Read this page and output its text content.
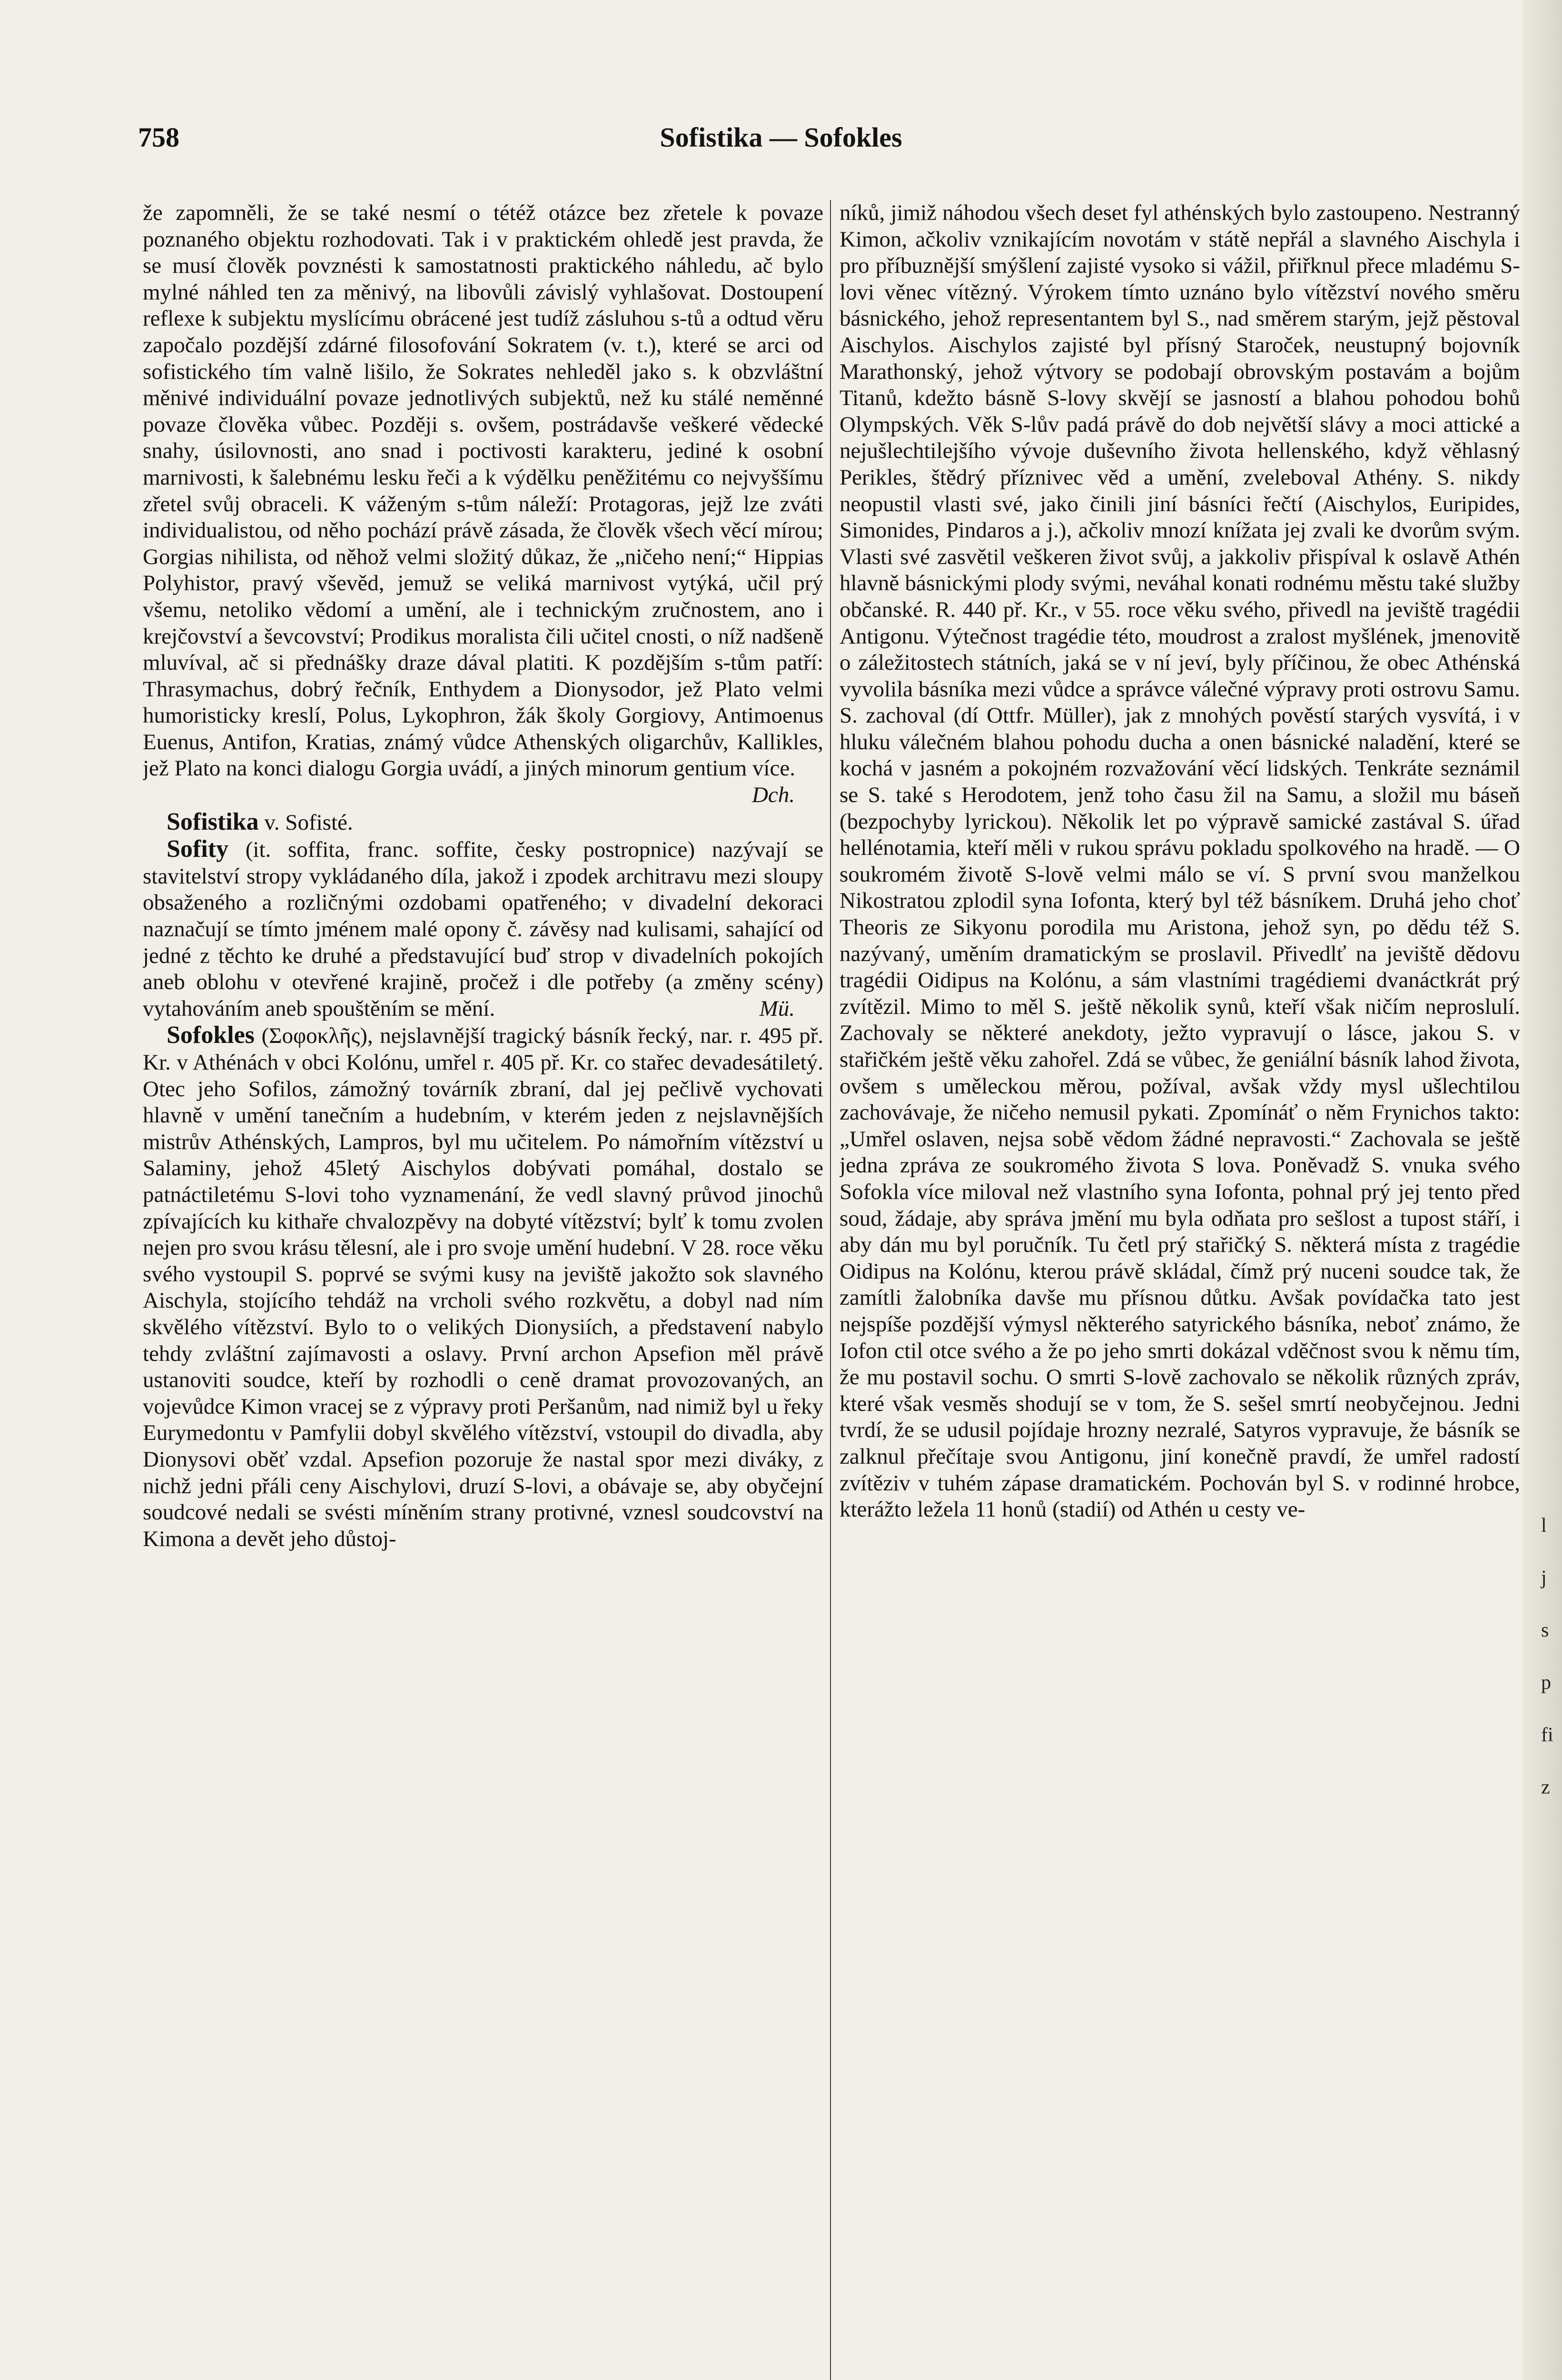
758	Sofistika — Sofokles

že zapomněli, že se také nesmí o tétéž otázce bez zřetele k povaze poznaného objektu rozhodovati. Tak i v praktickém ohledě jest pravda, že se musí člověk povznésti k samostatnosti praktického náhledu, ač bylo mylné náhled ten za měnivý, na libovůli závislý vyhlašovat. Dostoupení reflexe k subjektu myslícímu obrácené jest tudíž zásluhou s-tů a odtud věru započalo pozdější zdárné filosofování Sokratem (v. t.), které se arci od sofistického tím valně lišilo, že Sokrates nehleděl jako s. k obzvláštní měnivé individuální povaze jednotlivých subjektů, než ku stálé neměnné povaze člověka vůbec. Později s. ovšem, postrádavše veškeré vědecké snahy, úsilovnosti, ano snad i poctivosti karakteru, jediné k osobní marnivosti, k šalebnému lesku řeči a k výdělku peněžitému co nejvyššímu zřetel svůj obraceli. K váženým s-tům náleží: Protagoras, jejž lze zváti individualistou, od něho pochází právě zásada, že člověk všech věcí mírou; Gorgias nihilista, od něhož velmi složitý důkaz, že „ničeho není;“ Hippias Polyhistor, pravý vševěd, jemuž se veliká marnivost vytýká, učil prý všemu, netoliko vědomí a umění, ale i technickým zručnostem, ano i krejčovství a ševcovství; Prodikus moralista čili učitel cnosti, o níž nadšeně mluvíval, ač si přednášky draze dával platiti. K pozdějším s-tům patří: Thrasymachus, dobrý řečník, Enthydem a Dionysodor, jež Plato velmi humoristicky kreslí, Polus, Lykophron, žák školy Gorgiovy, Antimoenus Euenus, Antifon, Kratias, známý vůdce Athenských oligarchův, Kallikles, jež Plato na konci dialogu Gorgia uvádí, a jiných minorum gentium více.
Dch.

Sofistika v. Sofisté.

Sofity (it. soffita, franc. soffite, česky postropnice) nazývají se stavitelství stropy vykládaného díla, jakož i zpodek architravu mezi sloupy obsaženého a rozličnými ozdobami opatřeného; v divadelní dekoraci naznačují se tímto jménem malé opony č. závěsy nad kulisami, sahající od jedné z těchto ke druhé a představující buď strop v divadelních pokojích aneb oblohu v otevřené krajině, pročež i dle potřeby (a změny scény) vytahováním aneb spouštěním se mění.	Mü.

Sofokles (Σοφοκλῆς), nejslavnější tragický básník řecký, nar. r. 495 př. Kr. v Athénách v obci Kolónu, umřel r. 405 př. Kr. co stařec devadesátiletý. Otec jeho Sofilos, zámožný továrník zbraní, dal jej pečlivě vychovati hlavně v umění tanečním a hudebním, v kterém jeden z nejslavnějších mistrův Athénských, Lampros, byl mu učitelem. Po námořním vítězství u Salaminy, jehož 45letý Aischylos dobývati pomáhal, dostalo se patnáctiletému S-lovi toho vyznamenání, že vedl slavný průvod jinochů zpívajících ku kithaře chvalozpěvy na dobyté vítězství; bylť k tomu zvolen nejen pro svou krásu tělesní, ale i pro svoje umění hudební. V 28. roce věku svého vystoupil S. poprvé se svými kusy na jevištĕ jakožto sok slavného Aischyla, stojícího tehdáž na vrcholi svého rozkvětu, a dobyl nad ním skvělého vítězství. Bylo to o velikých Dionysiích, a představení nabylo tehdy zvláštní zajímavosti a oslavy. První archon Apsefion měl právě ustanoviti soudce, kteří by rozhodli o ceně dramat provozovaných, an vojevůdce Kimon vracej se z výpravy proti Peršanům, nad nimiž byl u řeky Eurymedontu v Pamfylii dobyl skvělého vítězství, vstoupil do divadla, aby Dionysovi oběť vzdal. Apsefion pozoruje že nastal spor mezi diváky, z nichž jedni přáli ceny Aischylovi, druzí S-lovi, a obávaje se, aby obyčejní soudcové nedali se svésti míněním strany protivné, vznesl soudcovství na Kimona a devět jeho důstoj-

níků, jimiž náhodou všech deset fyl athénských bylo zastoupeno. Nestranný Kimon, ačkoliv vznikajícím novotám v státě nepřál a slavného Aischyla i pro příbuznější smýšlení zajisté vysoko si vážil, přiřknul přece mladému S-lovi věnec vítězný. Výrokem tímto uznáno bylo vítězství nového směru básnického, jehož representantem byl S., nad směrem starým, jejž pěstoval Aischylos. Aischylos zajisté byl přísný Staroček, neustupný bojovník Marathonský, jehož výtvory se podobají obrovským postavám a bojům Titanů, kdežto básně S-lovy skvějí se jasností a blahou pohodou bohů Olympských. Věk S-lův padá právě do dob největší slávy a moci attické a nejušlechtilejšího vývoje duševního života hellenského, když věhlasný Perikles, štědrý příznivec věd a umění, zveleboval Athény. S. nikdy neopustil vlasti své, jako činili jiní básníci řečtí (Aischylos, Euripides, Simonides, Pindaros a j.), ačkoliv mnozí knížata jej zvali ke dvorům svým. Vlasti své zasvětil veškeren život svůj, a jakkoliv přispíval k oslavě Athén hlavně básnickými plody svými, neváhal konati rodnému městu také služby občanské. R. 440 př. Kr., v 55. roce věku svého, přivedl na jeviště tragédii Antigonu. Výtečnost tragédie této, moudrost a zralost myšlének, jmenovitě o záležitostech státních, jaká se v ní jeví, byly příčinou, že obec Athénská vyvolila básníka mezi vůdce a správce válečné výpravy proti ostrovu Samu. S. zachoval (dí Ottfr. Müller), jak z mnohých pověstí starých vysvítá, i v hluku válečném blahou pohodu ducha a onen básnické naladění, které se kochá v jasném a pokojném rozvažování věcí lidských. Tenkráte seznámil se S. také s Herodotem, jenž toho času žil na Samu, a složil mu báseň (bezpochyby lyrickou). Několik let po výpravě samické zastával S. úřad hellénotamia, kteří měli v rukou správu pokladu spolkového na hradě. — O soukromém životě S-lově velmi málo se ví. S první svou manželkou Nikostratou zplodil syna Iofonta, který byl též básníkem. Druhá jeho choť Theoris ze Sikyonu porodila mu Aristona, jehož syn, po dědu též S. nazývaný, uměním dramatickým se proslavil. Přivedlť na jeviště dědovu tragédii Oidipus na Kolónu, a sám vlastními tragédiemi dvanáctkrát prý zvítězil. Mimo to měl S. ještě několik synů, kteří však ničím neproslulí. Zachovaly se některé anekdoty, ježto vypravují o lásce, jakou S. v stařičkém ještě věku zahořel. Zdá se vůbec, že geniální básník lahod života, ovšem s uměleckou měrou, požíval, avšak vždy mysl ušlechtilou zachovávaje, že ničeho nemusil pykati. Zpomínáť o něm Frynichos takto: „Umřel oslaven, nejsa sobě vědom žádné nepravosti.“ Zachovala se ještě jedna zpráva ze soukromého života S lova. Poněvadž S. vnuka svého Sofokla více miloval než vlastního syna Iofonta, pohnal prý jej tento před soud, žádaje, aby správa jmění mu byla odňata pro sešlost a tupost stáří, i aby dán mu byl poručník. Tu četl prý stařičký S. některá místa z tragédie Oidipus na Kolónu, kterou právě skládal, čímž prý nuceni soudce tak, že zamítli žalobníka davše mu přísnou důtku. Avšak povídačka tato jest nejspíše pozdější výmysl některého satyrického básníka, neboť známo, že Iofon ctil otce svého a že po jeho smrti dokázal vděčnost svou k němu tím, že mu postavil sochu. O smrti S-lově zachovalo se několik různých zpráv, které však vesměs shodují se v tom, že S. sešel smrtí neobyčejnou. Jedni tvrdí, že se udusil pojídaje hrozny nezralé, Satyros vypravuje, že básník se zalknul přečítaje svou Antigonu, jiní konečně pravdí, že umřel radostí zvítěziv v tuhém zápase dramatickém. Pochován byl S. v rodinné hrobce, kterážto ležela 11 honů (stadií) od Athén u cesty ve-

l
j
s
p
fi
z
